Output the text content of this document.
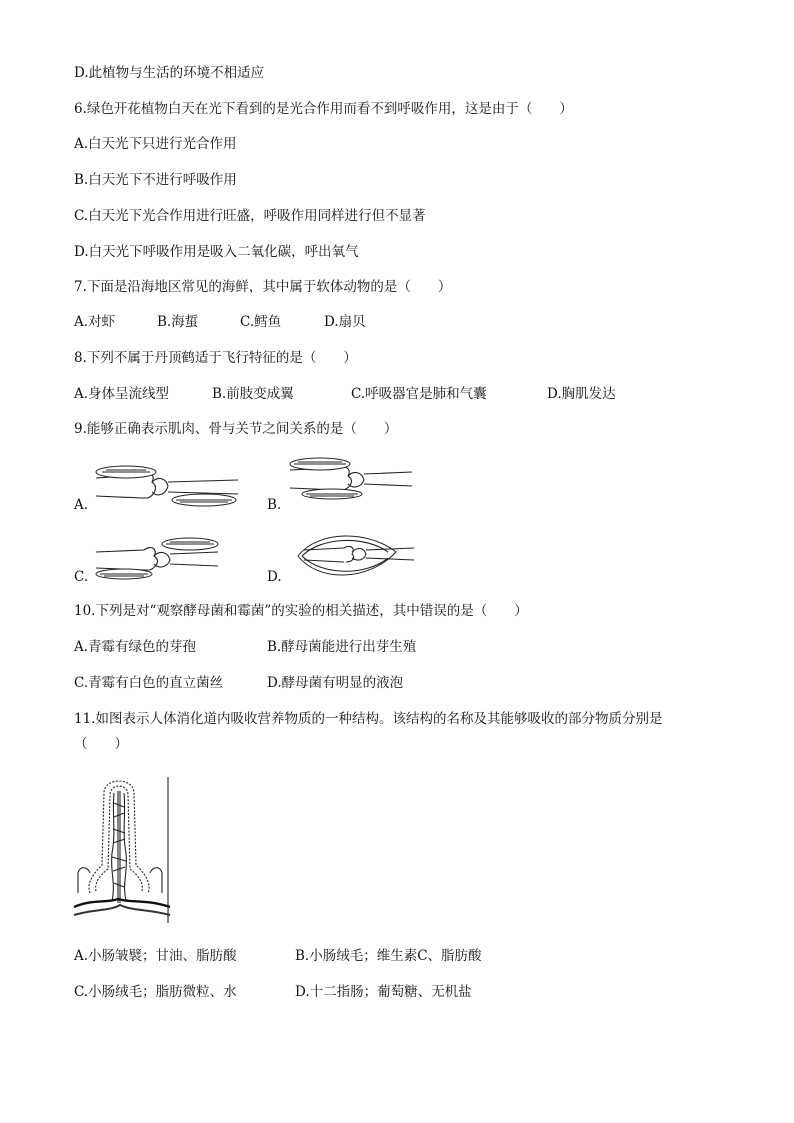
D.此植物与生活的环境不相适应
6.绿色开花植物白天在光下看到的是光合作用而看不到呼吸作用，这是由于（　　）
A.白天光下只进行光合作用
B.白天光下不进行呼吸作用
C.白天光下光合作用进行旺盛，呼吸作用同样进行但不显著
D.白天光下呼吸作用是吸入二氧化碳，呼出氧气
7.下面是沿海地区常见的海鲜，其中属于软体动物的是（　　）
A.对虾	B.海蜇	C.鳕鱼	D.扇贝
8.下列不属于丹顶鹤适于飞行特征的是（　　）
A.身体呈流线型	B.前肢变成翼	C.呼吸器官是肺和气囊	D.胸肌发达
9.能够正确表示肌肉、骨与关节之间关系的是（　　）
A.	B.
C.	D.
10.下列是对“观察酵母菌和霉菌”的实验的相关描述，其中错误的是（　　）
A.青霉有绿色的芽孢	B.酵母菌能进行出芽生殖
C.青霉有白色的直立菌丝	D.酵母菌有明显的液泡
11.如图表示人体消化道内吸收营养物质的一种结构。该结构的名称及其能够吸收的部分物质分别是
（　　）
A.小肠皱襞；甘油、脂肪酸	B.小肠绒毛；维生素C、脂肪酸
C.小肠绒毛；脂肪微粒、水	D.十二指肠；葡萄糖、无机盐
